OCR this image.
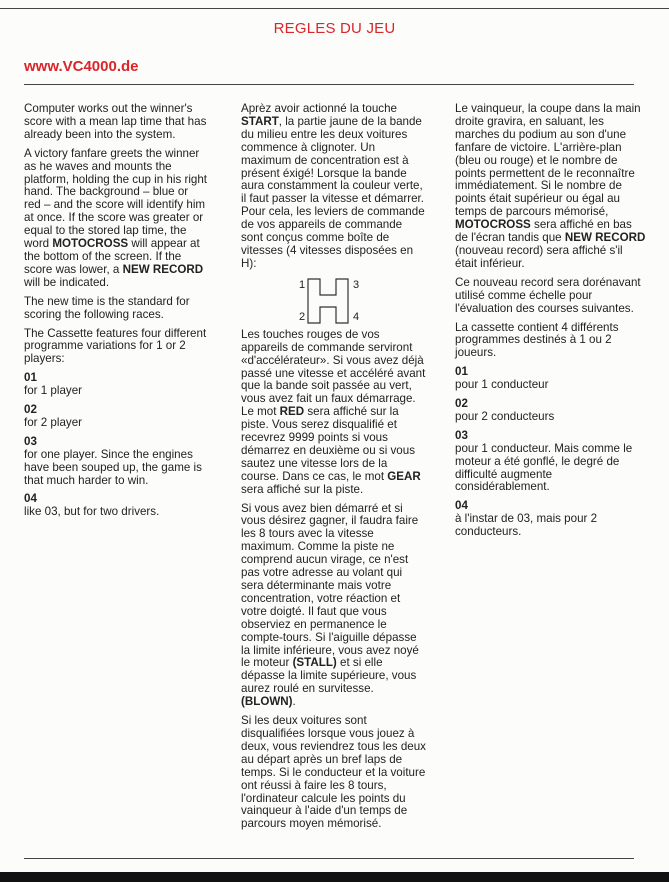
REGLES DU JEU
www.VC4000.de

Computer works out the winner's score with a mean lap time that has already been into the system.

A victory fanfare greets the winner as he waves and mounts the platform, holding the cup in his right hand. The background – blue or red – and the score will identify him at once. If the score was greater or equal to the stored lap time, the word MOTOCROSS will appear at the bottom of the screen. If the score was lower, a NEW RECORD will be indicated.

The new time is the standard for scoring the following races.

The Cassette features four different programme variations for 1 or 2 players:

01

for 1 player

02

for 2 player

03

for one player. Since the engines have been souped up, the game is that much harder to win.

04

like 03, but for two drivers.

Aprèz avoir actionné la touche START, la partie jaune de la bande du milieu entre les deux voitures commence à clignoter. Un maximum de concentration est à présent éxigé! Lorsque la bande aura constamment la couleur verte, il faut passer la vitesse et démarrer. Pour cela, les leviers de commande de vos appareils de commande sont conçus comme boîte de vitesses (4 vitesses disposées en H):

1	3
2	4

Les touches rouges de vos appareils de commande serviront «d'accélérateur». Si vous avez déjà passé une vitesse et accéléré avant que la bande soit passée au vert, vous avez fait un faux démarrage. Le mot RED sera affiché sur la piste. Vous serez disqualifié et recevrez 9999 points si vous démarrez en deuxième ou si vous sautez une vitesse lors de la course. Dans ce cas, le mot GEAR sera affiché sur la piste.

Si vous avez bien démarré et si vous désirez gagner, il faudra faire les 8 tours avec la vitesse maximum. Comme la piste ne comprend aucun virage, ce n'est pas votre adresse au volant qui sera déterminante mais votre concentration, votre réaction et votre doigté. Il faut que vous observiez en permanence le compte-tours. Si l'aiguille dépasse la limite inférieure, vous avez noyé le moteur (STALL) et si elle dépasse la limite supérieure, vous aurez roulé en survitesse. (BLOWN).

Si les deux voitures sont disqualifiées lorsque vous jouez à deux, vous reviendrez tous les deux au départ après un bref laps de temps. Si le conducteur et la voiture ont réussi à faire les 8 tours, l'ordinateur calcule les points du vainqueur à l'aide d'un temps de parcours moyen mémorisé.

Le vainqueur, la coupe dans la main droite gravira, en saluant, les marches du podium au son d'une fanfare de victoire. L'arrière-plan (bleu ou rouge) et le nombre de points permettent de le reconnaître immédiatement. Si le nombre de points était supérieur ou égal au temps de parcours mémorisé, MOTOCROSS sera affiché en bas de l'écran tandis que NEW RECORD (nouveau record) sera affiché s'il était inférieur.

Ce nouveau record sera dorénavant utilisé comme échelle pour l'évaluation des courses suivantes.

La cassette contient 4 différents programmes destinés à 1 ou 2 joueurs.

01

pour 1 conducteur

02

pour 2 conducteurs

03

pour 1 conducteur. Mais comme le moteur a été gonflé, le degré de difficulté augmente considérablement.

04

à l'instar de 03, mais pour 2 conducteurs.
